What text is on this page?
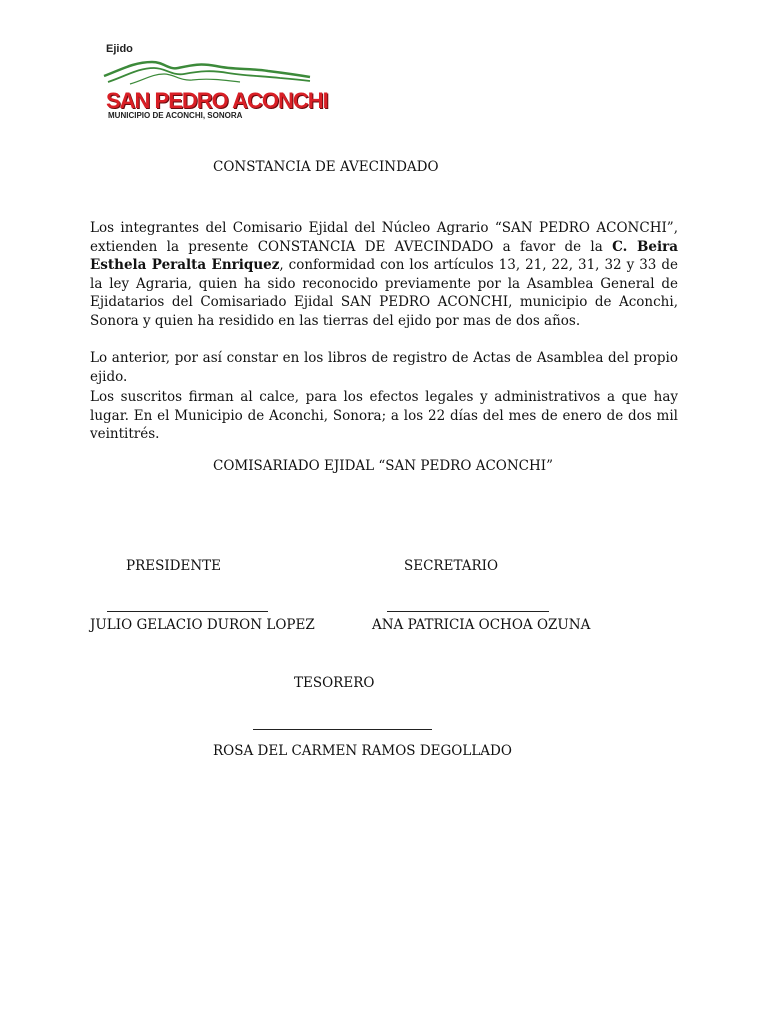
Ejido
SAN PEDRO ACONCHI
MUNICIPIO DE ACONCHI, SONORA
CONSTANCIA DE AVECINDADO
Los integrantes del Comisario Ejidal del Núcleo Agrario “SAN PEDRO ACONCHI”, extienden la presente CONSTANCIA DE AVECINDADO a favor de la C. Beira Esthela Peralta Enriquez, conformidad con los artículos 13, 21, 22, 31, 32 y 33 de la ley Agraria, quien ha sido reconocido previamente por la Asamblea General de Ejidatarios del Comisariado Ejidal SAN PEDRO ACONCHI, municipio de Aconchi, Sonora y quien ha residido en las tierras del ejido por mas de dos años.
Lo anterior, por así constar en los libros de registro de Actas de Asamblea del propio ejido.
Los suscritos firman al calce, para los efectos legales y administrativos a que hay lugar. En el Municipio de Aconchi, Sonora; a los 22 días del mes de enero de dos mil veintitrés.
COMISARIADO EJIDAL “SAN PEDRO ACONCHI”
PRESIDENTE	SECRETARIO
JULIO GELACIO DURON LOPEZ	ANA PATRICIA OCHOA OZUNA
TESORERO
ROSA DEL CARMEN RAMOS DEGOLLADO
